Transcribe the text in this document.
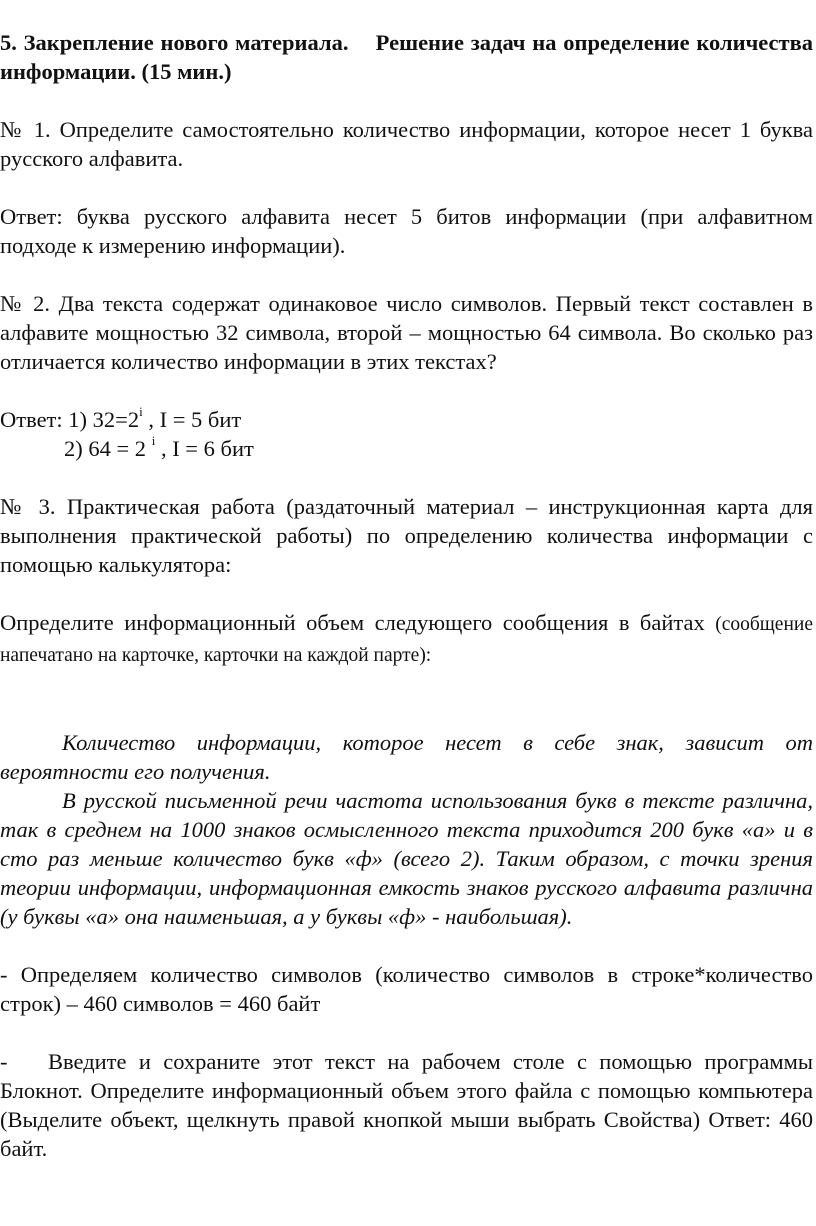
5. Закрепление нового материала. Решение задач на определение количества информации. (15 мин.)

№ 1. Определите самостоятельно количество информации, которое несет 1 буква русского алфавита.

Ответ: буква русского алфавита несет 5 битов информации (при алфавитном подходе к измерению информации).

№ 2. Два текста содержат одинаковое число символов. Первый текст составлен в алфавите мощностью 32 символа, второй – мощностью 64 символа. Во сколько раз отличается количество информации в этих текстах?

Ответ: 1) $32=2^i$ , I = 5 бит

2) 64 = 2 $^i$ , I = 6 бит

№ 3. Практическая работа (раздаточный материал – инструкционная карта для выполнения практической работы) по определению количества информации с помощью калькулятора:

Определите информационный объем следующего сообщения в байтах (сообщение напечатано на карточке, карточки на каждой парте):

Количество информации, которое несет в себе знак, зависит от вероятности его получения.

В русской письменной речи частота использования букв в тексте различна, так в среднем на 1000 знаков осмысленного текста приходится 200 букв «а» и в сто раз меньше количество букв «ф» (всего 2). Таким образом, с точки зрения теории информации, информационная емкость знаков русского алфавита различна (у буквы «а» она наименьшая, а у буквы «ф» - наибольшая).

- Определяем количество символов (количество символов в строке*количество строк) – 460 символов = 460 байт

- Введите и сохраните этот текст на рабочем столе с помощью программы Блокнот. Определите информационный объем этого файла с помощью компьютера (Выделите объект, щелкнуть правой кнопкой мыши выбрать Свойства) Ответ: 460 байт.
